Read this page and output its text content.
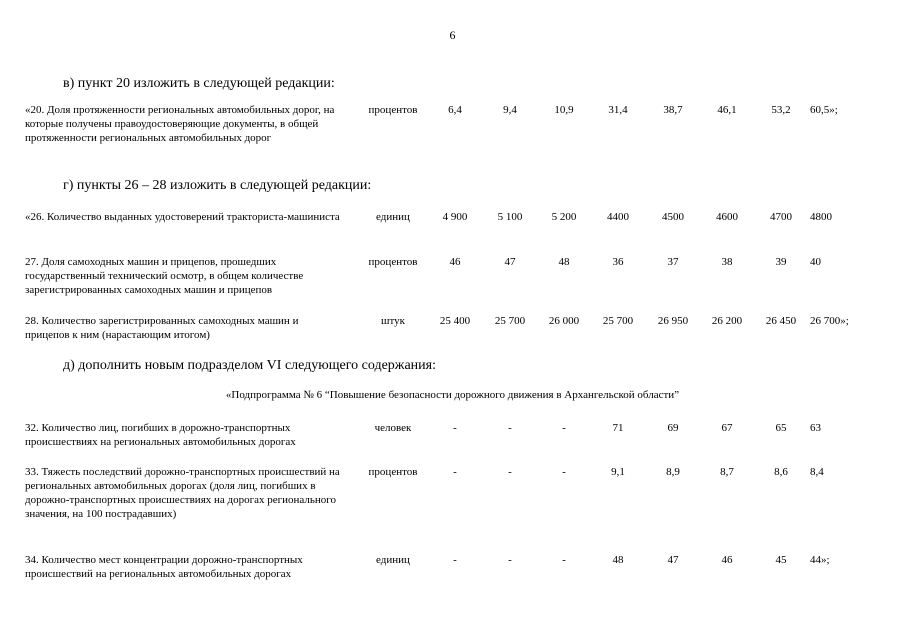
6
в) пункт 20 изложить в следующей редакции:
«20. Доля протяженности региональных автомобильных дорог, на которые получены правоудостоверяющие документы, в общей протяженности региональных автомобильных дорог
процентов	6,4	9,4	10,9	31,4	38,7	46,1	53,2	60,5»;
г) пункты 26 – 28 изложить в следующей редакции:
«26. Количество выданных удостоверений тракториста-машиниста	единиц	4 900	5 100	5 200	4400	4500	4600	4700	4800
27. Доля самоходных машин и прицепов, прошедших государственный технический осмотр, в общем количестве зарегистрированных самоходных машин и прицепов
процентов	46	47	48	36	37	38	39	40
28. Количество зарегистрированных самоходных машин и прицепов к ним (нарастающим итогом)
штук	25 400	25 700	26 000	25 700	26 950	26 200	26 450	26 700»;
д) дополнить новым подразделом VI следующего содержания:
«Подпрограмма № 6 “Повышение безопасности дорожного движения в Архангельской области”
32. Количество лиц, погибших в дорожно-транспортных происшествиях на региональных автомобильных дорогах
человек	-	-	-	71	69	67	65	63
33. Тяжесть последствий дорожно-транспортных происшествий на региональных автомобильных дорогах (доля лиц, погибших в дорожно-транспортных происшествиях на дорогах регионального значения, на 100 пострадавших)
процентов	-	-	-	9,1	8,9	8,7	8,6	8,4
34. Количество мест концентрации дорожно-транспортных происшествий на региональных автомобильных дорогах
единиц	-	-	-	48	47	46	45	44»;
